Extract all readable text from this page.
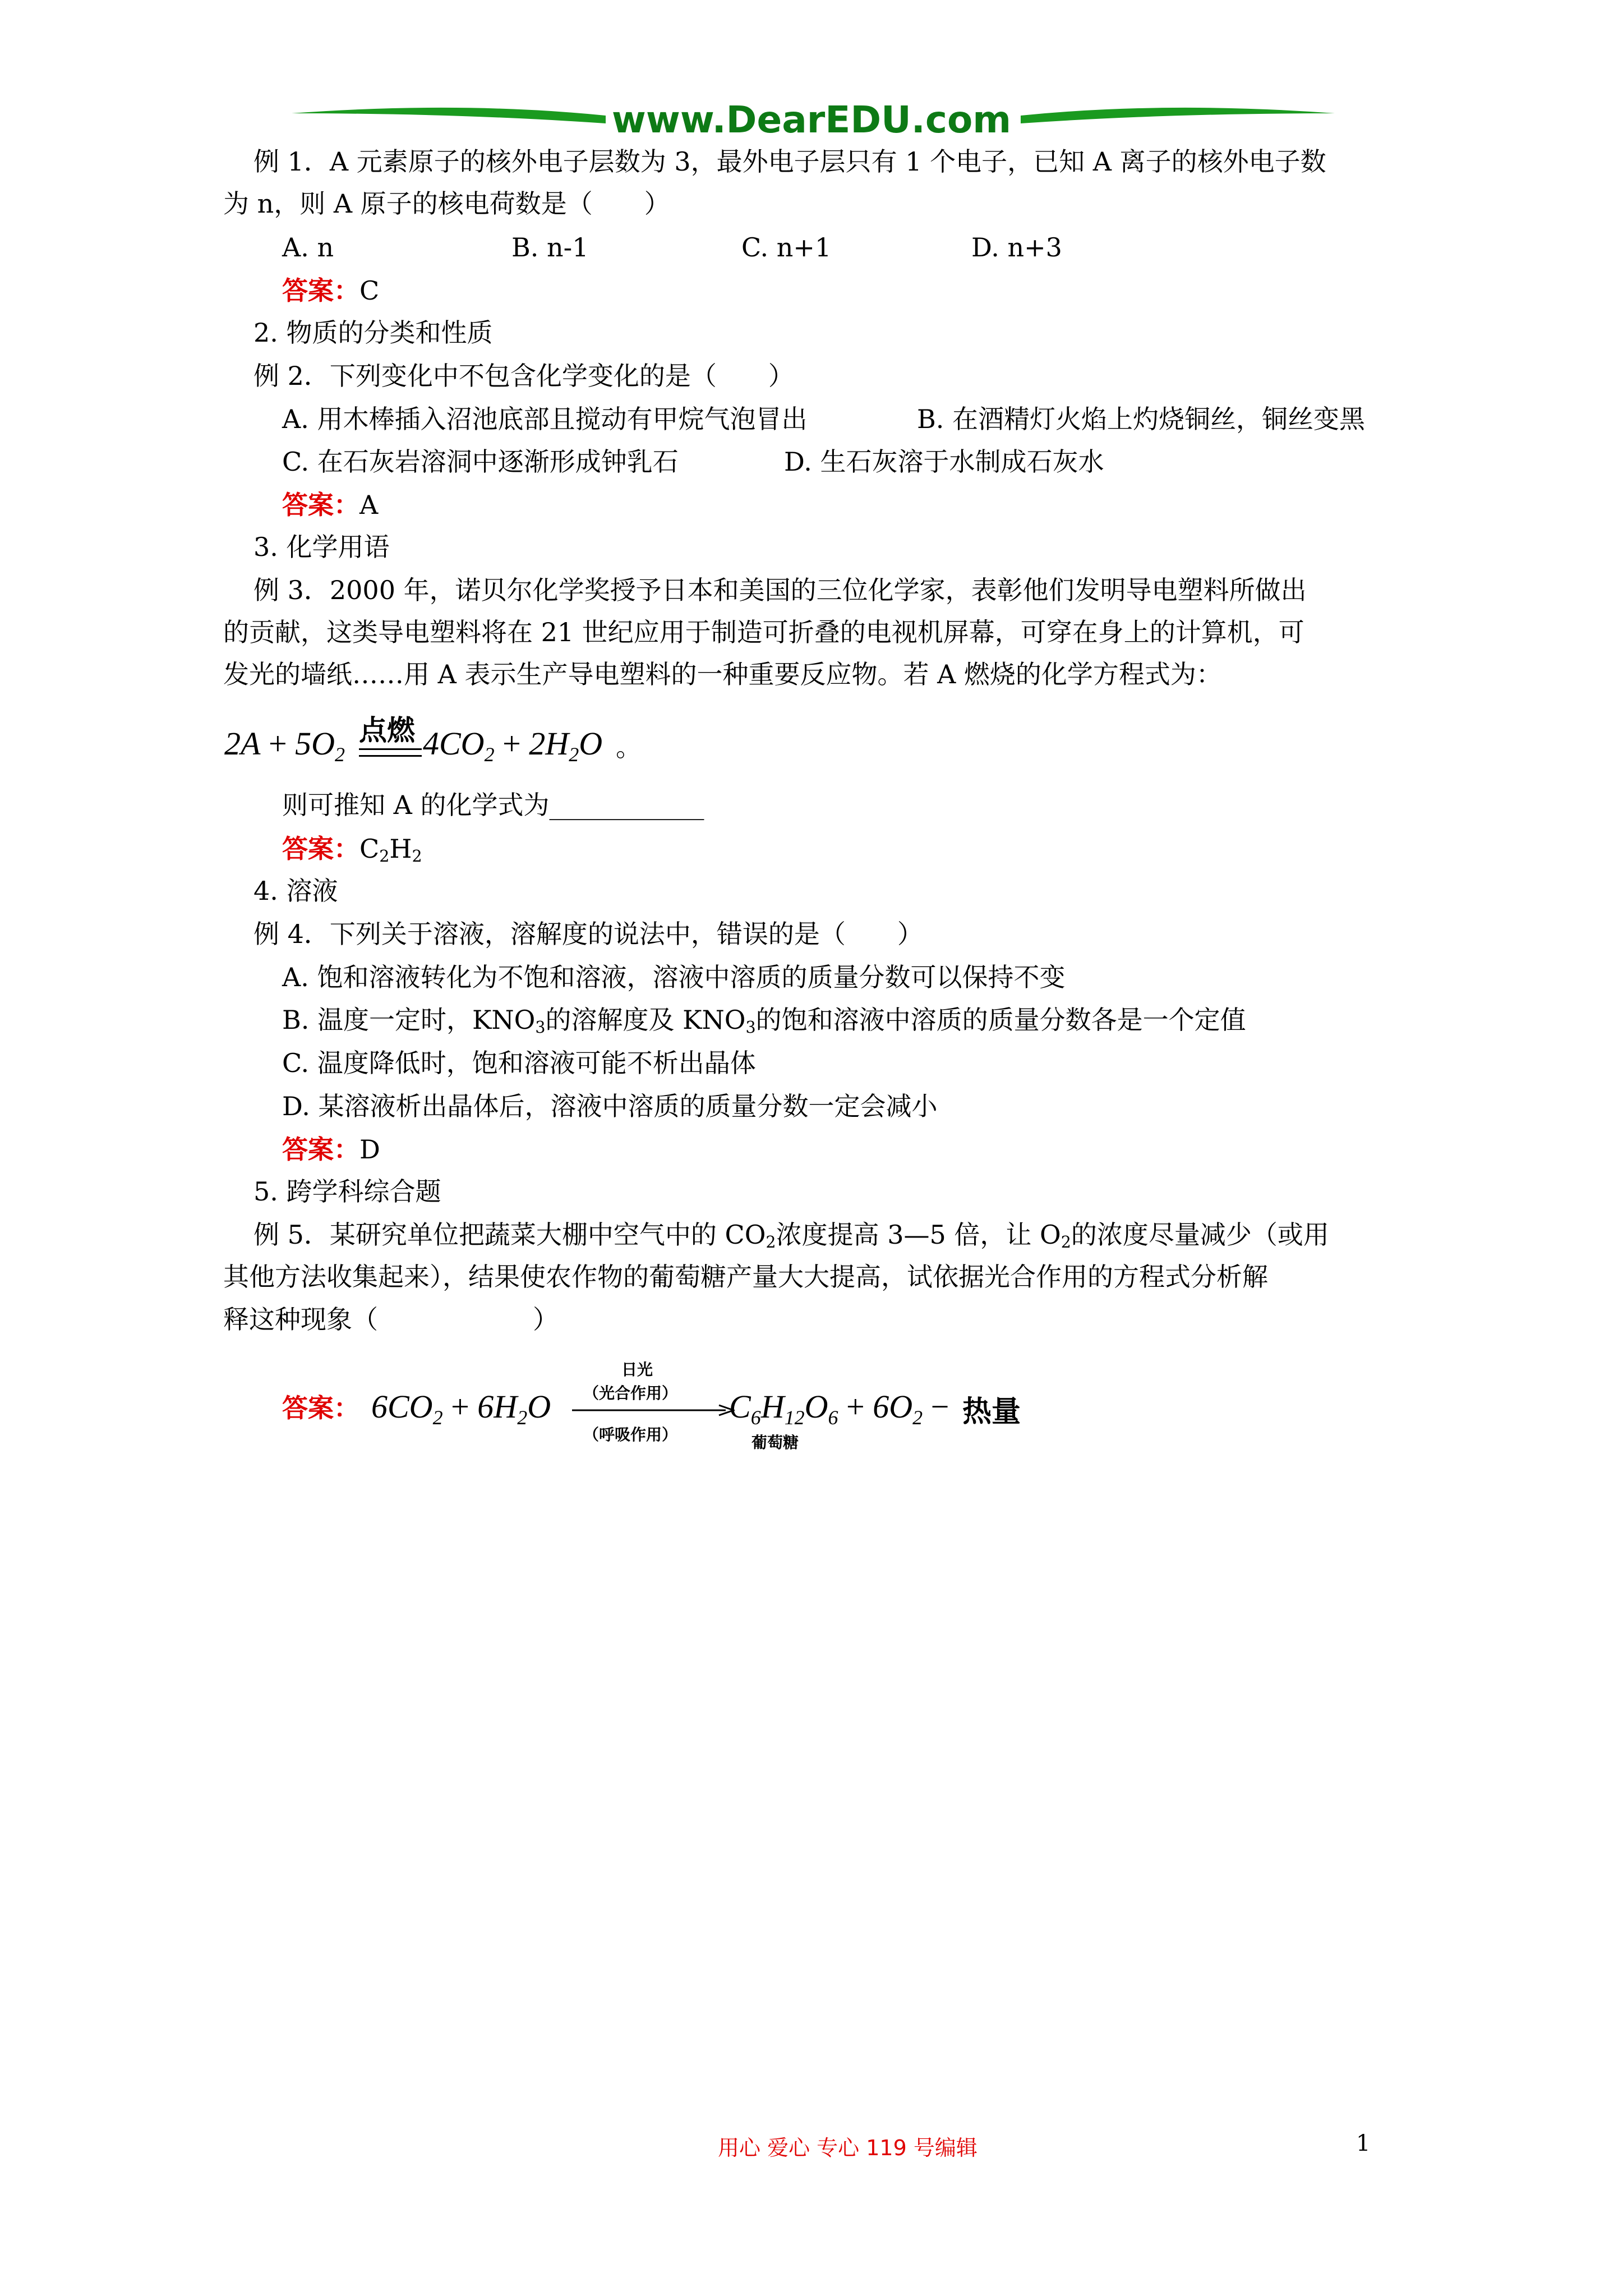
www.DearEDU.com
例 1．A 元素原子的核外电子层数为 3，最外电子层只有 1 个电子，已知 A 离子的核外电子数
为 n，则 A 原子的核电荷数是（　　）
A. n	B. n-1	C. n+1	D. n+3
答案：C
2. 物质的分类和性质
例 2．下列变化中不包含化学变化的是（　　）
A. 用木棒插入沼池底部且搅动有甲烷气泡冒出	B. 在酒精灯火焰上灼烧铜丝，铜丝变黑
C. 在石灰岩溶洞中逐渐形成钟乳石	D. 生石灰溶于水制成石灰水
答案：A
3. 化学用语
例 3．2000 年，诺贝尔化学奖授予日本和美国的三位化学家，表彰他们发明导电塑料所做出
的贡献，这类导电塑料将在 21 世纪应用于制造可折叠的电视机屏幕，可穿在身上的计算机，可
发光的墙纸……用 A 表示生产导电塑料的一种重要反应物。若 A 燃烧的化学方程式为：
$2A + 5O_2$
点燃 $4CO_2 + 2H_2O$ 。
则可推知 A 的化学式为____________
答案：$C_2H_2$
4. 溶液
例 4．下列关于溶液，溶解度的说法中，错误的是（　　）
A. 饱和溶液转化为不饱和溶液，溶液中溶质的质量分数可以保持不变
B. 温度一定时，$KNO_3$的溶解度及 $KNO_3$的饱和溶液中溶质的质量分数各是一个定值
C. 温度降低时，饱和溶液可能不析出晶体
D. 某溶液析出晶体后，溶液中溶质的质量分数一定会减小
答案：D
5. 跨学科综合题
例 5．某研究单位把蔬菜大棚中空气中的 $CO_2$浓度提高 3—5 倍，让 $O_2$的浓度尽量减少（或用
其他方法收集起来），结果使农作物的葡萄糖产量大大提高，试依据光合作用的方程式分析解
释这种现象（　　　　　　）
答案： $6CO_2 + 6H_2O$
日光
（光合作用）
（呼吸作用）
$C_6H_{12}O_6 + 6O_2$ − 热量
葡萄糖
用心 爱心 专心 119 号编辑	1
